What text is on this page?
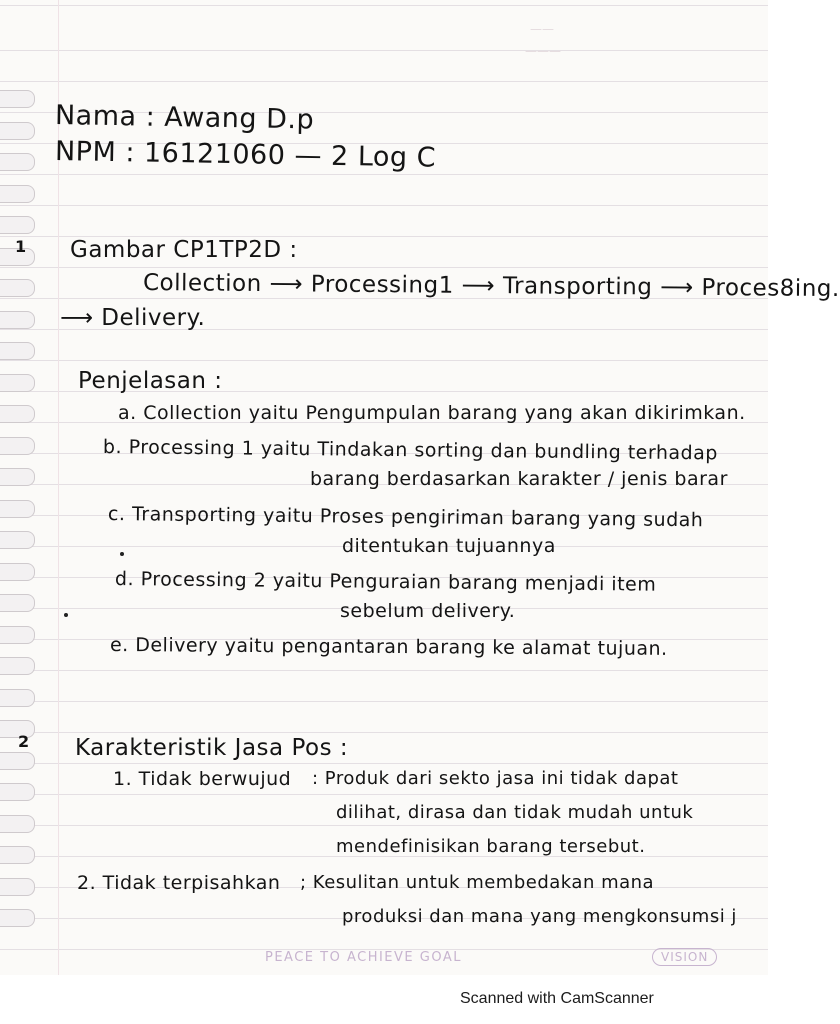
——
———
Nama : Awang D.p
NPM : 16121060 — 2 Log C
1 Gambar CP1TP2D :
Collection ⟶ Processing1 ⟶ Transporting ⟶ Proces8ing.
⟶ Delivery.
Penjelasan :
a. Collection yaitu Pengumpulan barang yang akan dikirimkan.
b. Processing 1 yaitu Tindakan sorting dan bundling terhadap
barang berdasarkan karakter / jenis barar
c. Transporting yaitu Proses pengiriman barang yang sudah
ditentukan tujuannya
d. Processing 2 yaitu Penguraian barang menjadi item
sebelum delivery.
e. Delivery yaitu pengantaran barang ke alamat tujuan.
2 Karakteristik Jasa Pos :
1. Tidak berwujud : Produk dari sekto jasa ini tidak dapat
dilihat, dirasa dan tidak mudah untuk
mendefinisikan barang tersebut.
2. Tidak terpisahkan ; Kesulitan untuk membedakan mana
produksi dan mana yang mengkonsumsi j
PEACE TO ACHIEVE GOAL	VISION
Scanned with CamScanner
